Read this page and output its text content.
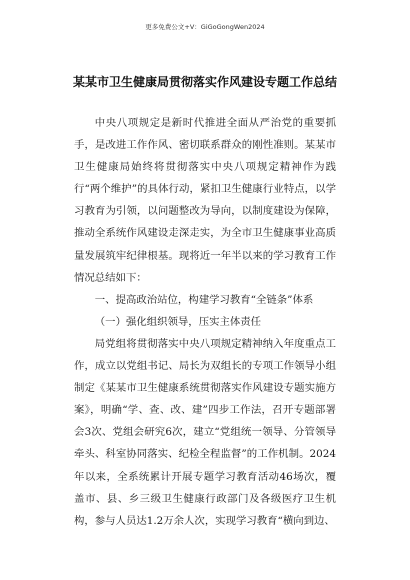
更多免费公文+V：GiGoGongWen2024
某某市卫生健康局贯彻落实作风建设专题工作总结

中央八项规定是新时代推进全面从严治党的重要抓手，是改进工作作风、密切联系群众的刚性准则。某某市卫生健康局始终将贯彻落实中央八项规定精神作为践行“两个维护”的具体行动，紧扣卫生健康行业特点，以学习教育为引领，以问题整改为导向，以制度建设为保障，推动全系统作风建设走深走实，为全市卫生健康事业高质量发展筑牢纪律根基。现将近一年半以来的学习教育工作情况总结如下：

一、提高政治站位，构建学习教育“全链条”体系

（一）强化组织领导，压实主体责任

局党组将贯彻落实中央八项规定精神纳入年度重点工作，成立以党组书记、局长为双组长的专项工作领导小组制定《某某市卫生健康系统贯彻落实作风建设专题实施方案》，明确“学、查、改、建”四步工作法，召开专题部署会3次、党组会研究6次，建立“党组统一领导、分管领导牵头、科室协同落实、纪检全程监督”的工作机制。2024年以来，全系统累计开展专题学习教育活动46场次，覆盖市、县、乡三级卫生健康行政部门及各级医疗卫生机构，参与人员达1.2万余人次，实现学习教育“横向到边、
